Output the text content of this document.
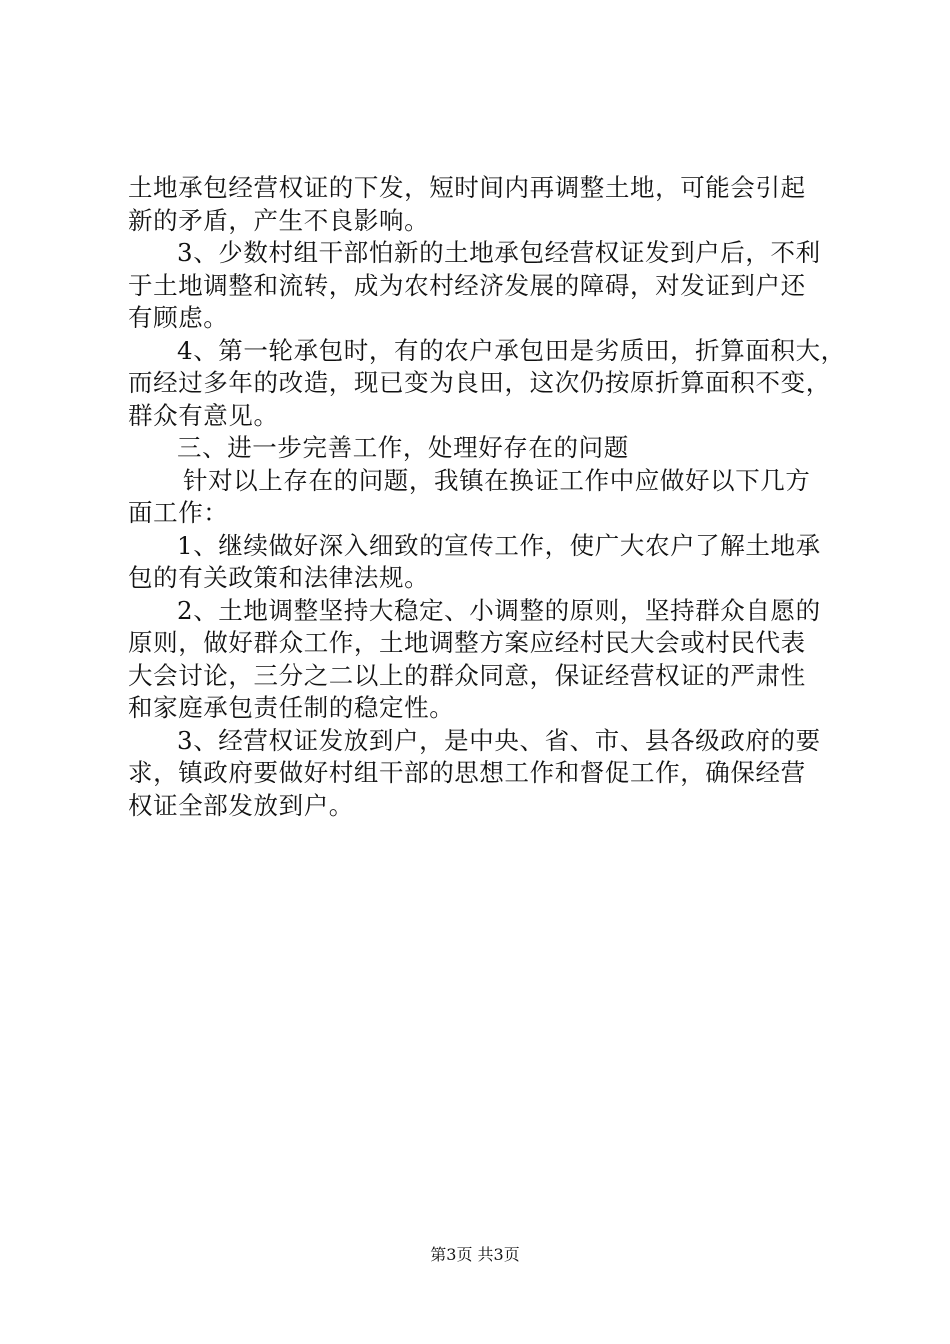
土地承包经营权证的下发，短时间内再调整土地，可能会引起
新的矛盾，产生不良影响。
3、少数村组干部怕新的土地承包经营权证发到户后，不利
于土地调整和流转，成为农村经济发展的障碍，对发证到户还
有顾虑。
4、第一轮承包时，有的农户承包田是劣质田，折算面积大，
而经过多年的改造，现已变为良田，这次仍按原折算面积不变，
群众有意见。
三、进一步完善工作，处理好存在的问题
针对以上存在的问题，我镇在换证工作中应做好以下几方
面工作：
1、继续做好深入细致的宣传工作，使广大农户了解土地承
包的有关政策和法律法规。
2、土地调整坚持大稳定、小调整的原则，坚持群众自愿的
原则，做好群众工作，土地调整方案应经村民大会或村民代表
大会讨论，三分之二以上的群众同意，保证经营权证的严肃性
和家庭承包责任制的稳定性。
3、经营权证发放到户，是中央、省、市、县各级政府的要
求，镇政府要做好村组干部的思想工作和督促工作，确保经营
权证全部发放到户。
第3页 共3页
